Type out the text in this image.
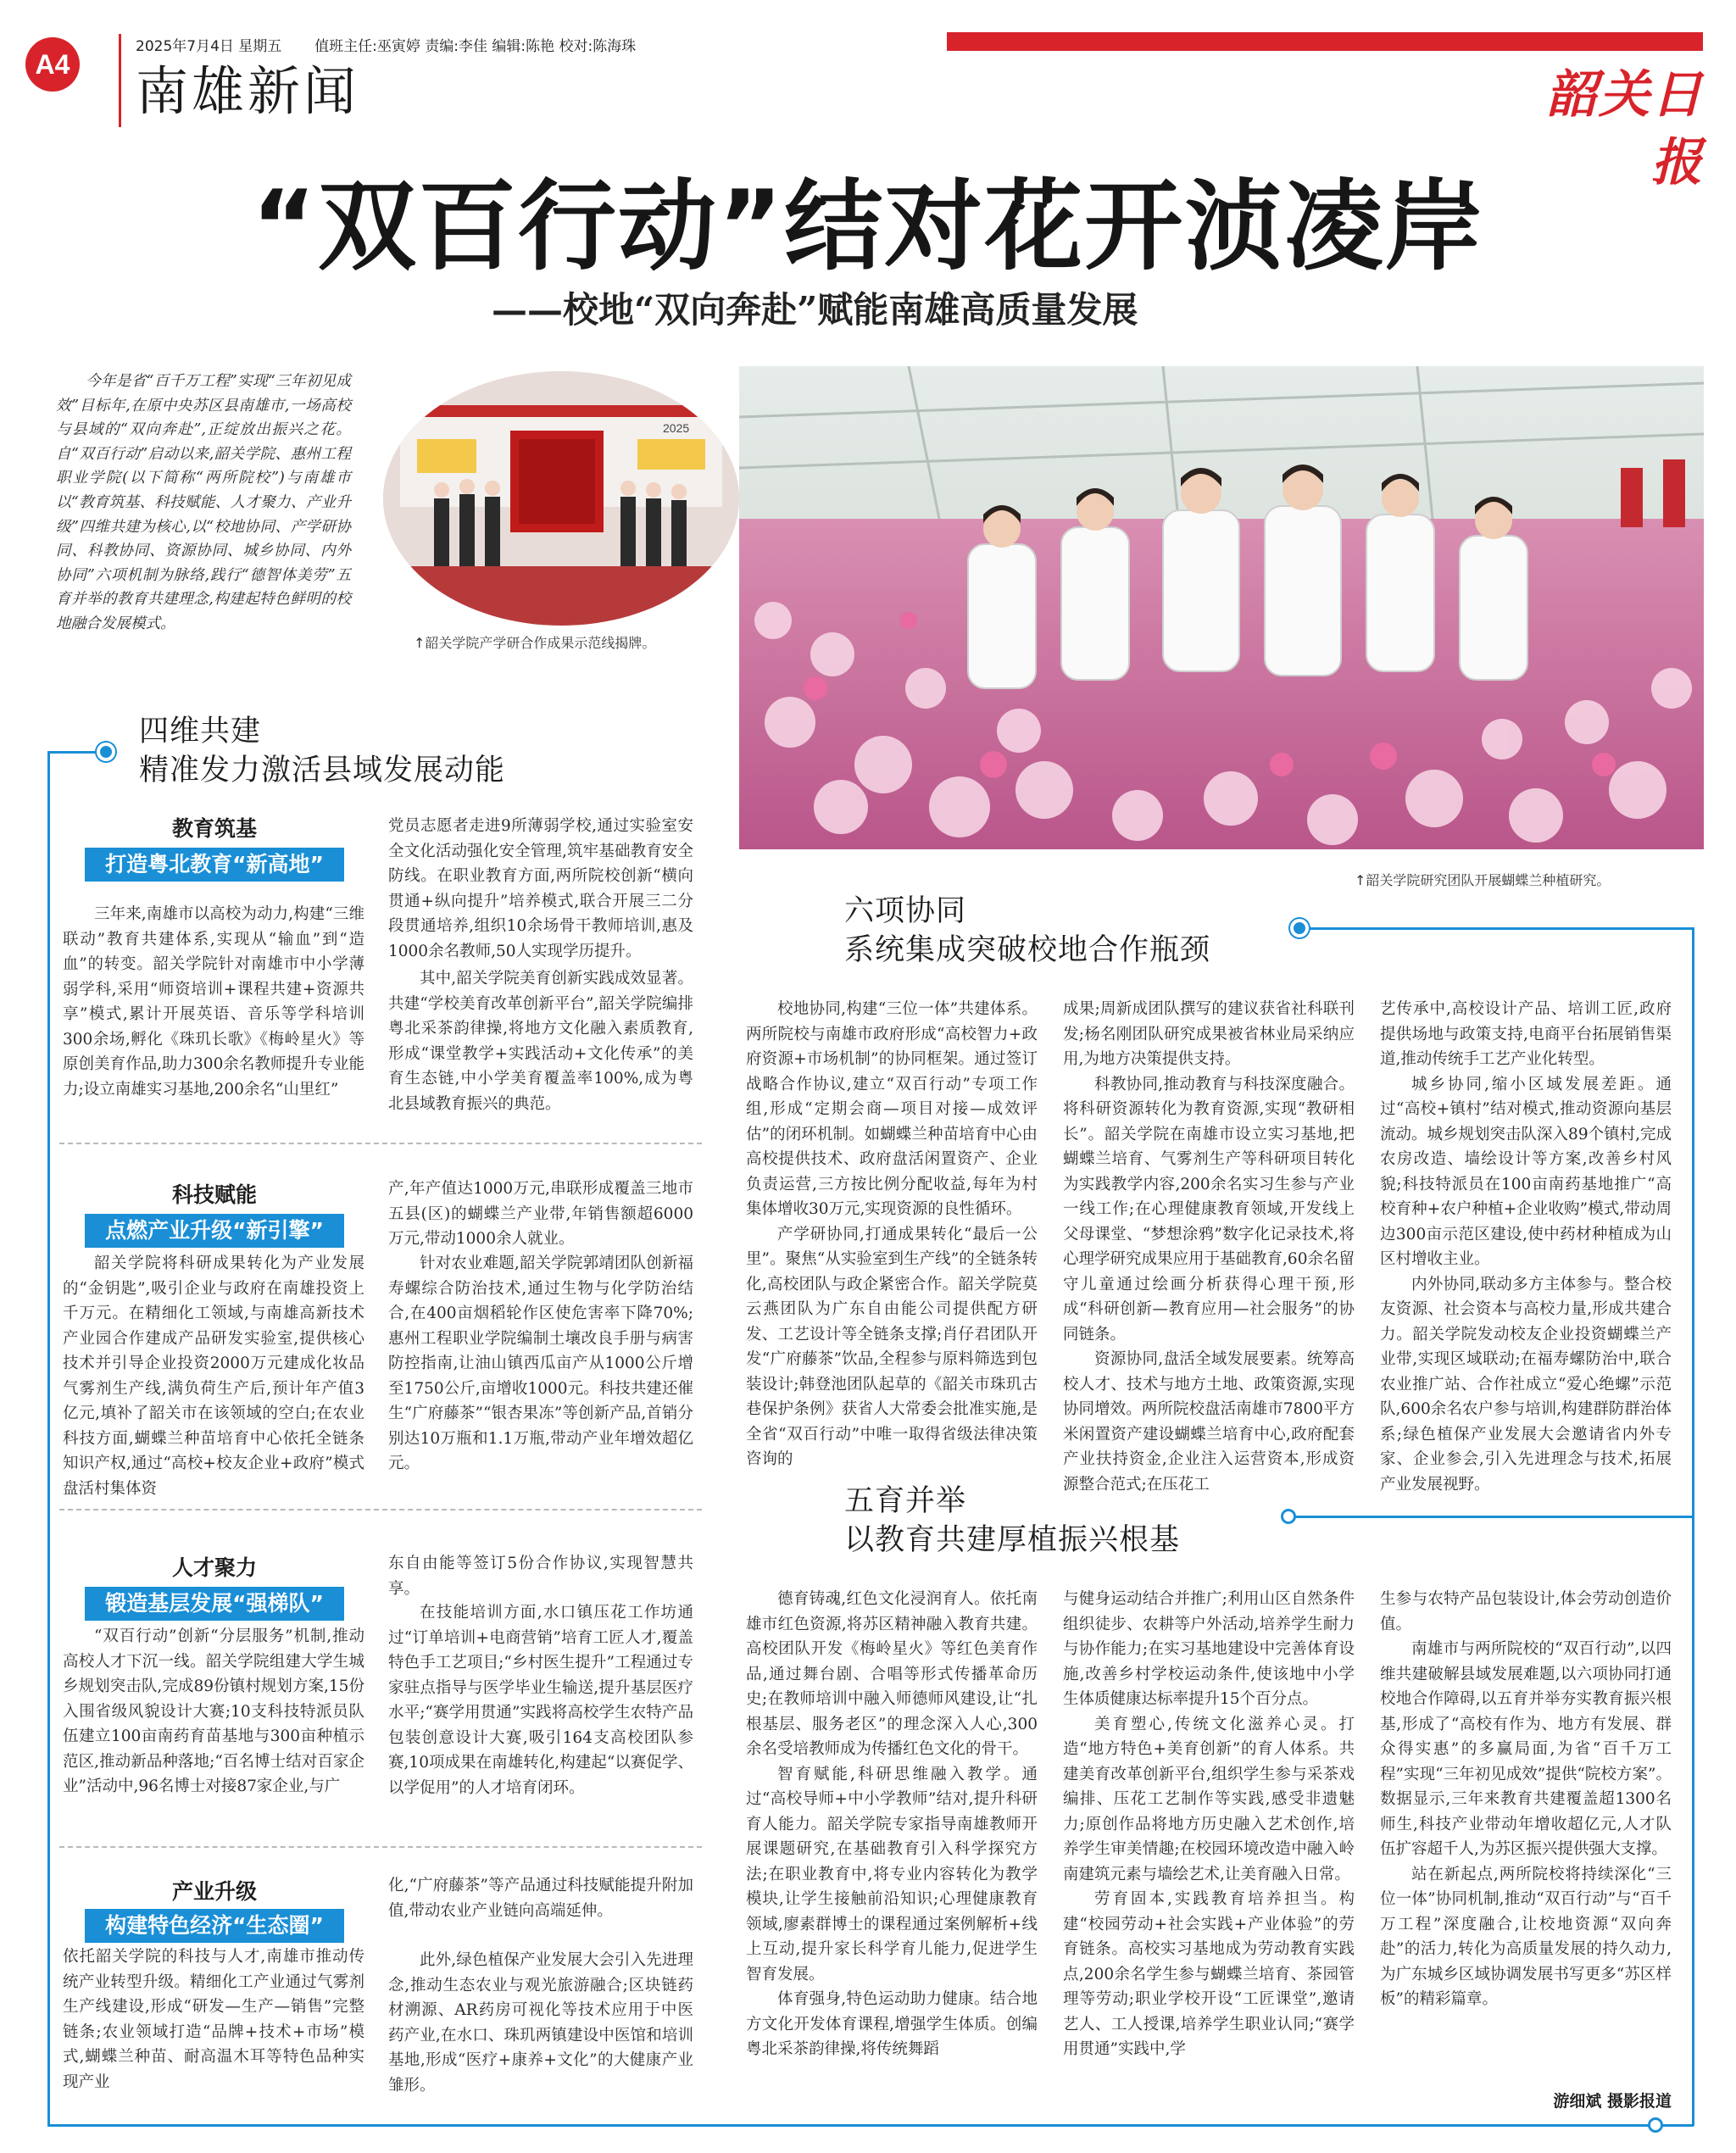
A4
2025年7月4日 星期五 值班主任:巫寅婷 责编:李佳 编辑:陈艳 校对:陈海珠
南雄新闻	韶关日报
“双百行动”结对花开浈凌岸
——校地“双向奔赴”赋能南雄高质量发展
今年是省“百千万工程”实现“三年初见成效”目标年,在原中央苏区县南雄市,一场高校与县域的“双向奔赴”,正绽放出振兴之花。自“双百行动”启动以来,韶关学院、惠州工程职业学院(以下简称“两所院校”)与南雄市以“教育筑基、科技赋能、人才聚力、产业升级”四维共建为核心,以“校地协同、产学研协同、科教协同、资源协同、城乡协同、内外协同”六项机制为脉络,践行“德智体美劳”五育并举的教育共建理念,构建起特色鲜明的校地融合发展模式。
2025
↑韶关学院产学研合作成果示范线揭牌。
↑韶关学院研究团队开展蝴蝶兰种植研究。
四维共建
精准发力激活县域发展动能
教育筑基
打造粤北教育“新高地”
三年来,南雄市以高校为动力,构建“三维联动”教育共建体系,实现从“输血”到“造血”的转变。韶关学院针对南雄市中小学薄弱学科,采用“师资培训+课程共建+资源共享”模式,累计开展英语、音乐等学科培训300余场,孵化《珠玑长歌》《梅岭星火》等原创美育作品,助力300余名教师提升专业能力;设立南雄实习基地,200余名“山里红”
党员志愿者走进9所薄弱学校,通过实验室安全文化活动强化安全管理,筑牢基础教育安全防线。在职业教育方面,两所院校创新“横向贯通+纵向提升”培养模式,联合开展三二分段贯通培养,组织10余场骨干教师培训,惠及1000余名教师,50人实现学历提升。
其中,韶关学院美育创新实践成效显著。共建“学校美育改革创新平台”,韶关学院编排粤北采茶韵律操,将地方文化融入素质教育,形成“课堂教学+实践活动+文化传承”的美育生态链,中小学美育覆盖率100%,成为粤北县域教育振兴的典范。
科技赋能
点燃产业升级“新引擎”
韶关学院将科研成果转化为产业发展的“金钥匙”,吸引企业与政府在南雄投资上千万元。在精细化工领域,与南雄高新技术产业园合作建成产品研发实验室,提供核心技术并引导企业投资2000万元建成化妆品气雾剂生产线,满负荷生产后,预计年产值3亿元,填补了韶关市在该领域的空白;在农业科技方面,蝴蝶兰种苗培育中心依托全链条知识产权,通过“高校+校友企业+政府”模式盘活村集体资
产,年产值达1000万元,串联形成覆盖三地市五县(区)的蝴蝶兰产业带,年销售额超6000万元,带动1000余人就业。
针对农业难题,韶关学院郭靖团队创新福寿螺综合防治技术,通过生物与化学防治结合,在400亩烟稻轮作区使危害率下降70%;惠州工程职业学院编制土壤改良手册与病害防控指南,让油山镇西瓜亩产从1000公斤增至1750公斤,亩增收1000元。科技共建还催生“广府藤茶”“银杏果冻”等创新产品,首销分别达10万瓶和1.1万瓶,带动产业年增效超亿元。
人才聚力
锻造基层发展“强梯队”
“双百行动”创新“分层服务”机制,推动高校人才下沉一线。韶关学院组建大学生城乡规划突击队,完成89份镇村规划方案,15份入围省级风貌设计大赛;10支科技特派员队伍建立100亩南药育苗基地与300亩种植示范区,推动新品种落地;“百名博士结对百家企业”活动中,96名博士对接87家企业,与广
东自由能等签订5份合作协议,实现智慧共享。
在技能培训方面,水口镇压花工作坊通过“订单培训+电商营销”培育工匠人才,覆盖特色手工艺项目;“乡村医生提升”工程通过专家驻点指导与医学毕业生输送,提升基层医疗水平;“赛学用贯通”实践将高校学生农特产品包装创意设计大赛,吸引164支高校团队参赛,10项成果在南雄转化,构建起“以赛促学、以学促用”的人才培育闭环。
产业升级
构建特色经济“生态圈”
依托韶关学院的科技与人才,南雄市推动传统产业转型升级。精细化工产业通过气雾剂生产线建设,形成“研发—生产—销售”完整链条;农业领域打造“品牌+技术+市场”模式,蝴蝶兰种苗、耐高温木耳等特色品种实现产业
化,“广府藤茶”等产品通过科技赋能提升附加值,带动农业产业链向高端延伸。
此外,绿色植保产业发展大会引入先进理念,推动生态农业与观光旅游融合;区块链药材溯源、AR药房可视化等技术应用于中医药产业,在水口、珠玑两镇建设中医馆和培训基地,形成“医疗+康养+文化”的大健康产业雏形。
六项协同
系统集成突破校地合作瓶颈

校地协同,构建“三位一体”共建体系。两所院校与南雄市政府形成“高校智力+政府资源+市场机制”的协同框架。通过签订战略合作协议,建立“双百行动”专项工作组,形成“定期会商—项目对接—成效评估”的闭环机制。如蝴蝶兰种苗培育中心由高校提供技术、政府盘活闲置资产、企业负责运营,三方按比例分配收益,每年为村集体增收30万元,实现资源的良性循环。

产学研协同,打通成果转化“最后一公里”。聚焦“从实验室到生产线”的全链条转化,高校团队与政企紧密合作。韶关学院莫云燕团队为广东自由能公司提供配方研发、工艺设计等全链条支撑;肖仔君团队开发“广府藤茶”饮品,全程参与原料筛选到包装设计;韩登池团队起草的《韶关市珠玑古巷保护条例》获省人大常委会批准实施,是全省“双百行动”中唯一取得省级法律决策咨询的

成果;周新成团队撰写的建议获省社科联刊发;杨名刚团队研究成果被省林业局采纳应用,为地方决策提供支持。

科教协同,推动教育与科技深度融合。将科研资源转化为教育资源,实现“教研相长”。韶关学院在南雄市设立实习基地,把蝴蝶兰培育、气雾剂生产等科研项目转化为实践教学内容,200余名实习生参与产业一线工作;在心理健康教育领域,开发线上父母课堂、“梦想涂鸦”数字化记录技术,将心理学研究成果应用于基础教育,60余名留守儿童通过绘画分析获得心理干预,形成“科研创新—教育应用—社会服务”的协同链条。

资源协同,盘活全域发展要素。统筹高校人才、技术与地方土地、政策资源,实现协同增效。两所院校盘活南雄市7800平方米闲置资产建设蝴蝶兰培育中心,政府配套产业扶持资金,企业注入运营资本,形成资源整合范式;在压花工

艺传承中,高校设计产品、培训工匠,政府提供场地与政策支持,电商平台拓展销售渠道,推动传统手工艺产业化转型。

城乡协同,缩小区域发展差距。通过“高校+镇村”结对模式,推动资源向基层流动。城乡规划突击队深入89个镇村,完成农房改造、墙绘设计等方案,改善乡村风貌;科技特派员在100亩南药基地推广“高校育种+农户种植+企业收购”模式,带动周边300亩示范区建设,使中药材种植成为山区村增收主业。

内外协同,联动多方主体参与。整合校友资源、社会资本与高校力量,形成共建合力。韶关学院发动校友企业投资蝴蝶兰产业带,实现区域联动;在福寿螺防治中,联合农业推广站、合作社成立“爱心绝螺”示范队,600余名农户参与培训,构建群防群治体系;绿色植保产业发展大会邀请省内外专家、企业参会,引入先进理念与技术,拓展产业发展视野。

五育并举
以教育共建厚植振兴根基

德育铸魂,红色文化浸润育人。依托南雄市红色资源,将苏区精神融入教育共建。高校团队开发《梅岭星火》等红色美育作品,通过舞台剧、合唱等形式传播革命历史;在教师培训中融入师德师风建设,让“扎根基层、服务老区”的理念深入人心,300余名受培教师成为传播红色文化的骨干。

智育赋能,科研思维融入教学。通过“高校导师+中小学教师”结对,提升科研育人能力。韶关学院专家指导南雄教师开展课题研究,在基础教育引入科学探究方法;在职业教育中,将专业内容转化为教学模块,让学生接触前沿知识;心理健康教育领域,廖素群博士的课程通过案例解析+线上互动,提升家长科学育儿能力,促进学生智育发展。

体育强身,特色运动助力健康。结合地方文化开发体育课程,增强学生体质。创编粤北采茶韵律操,将传统舞蹈

与健身运动结合并推广;利用山区自然条件组织徒步、农耕等户外活动,培养学生耐力与协作能力;在实习基地建设中完善体育设施,改善乡村学校运动条件,使该地中小学生体质健康达标率提升15个百分点。

美育塑心,传统文化滋养心灵。打造“地方特色+美育创新”的育人体系。共建美育改革创新平台,组织学生参与采茶戏编排、压花工艺制作等实践,感受非遗魅力;原创作品将地方历史融入艺术创作,培养学生审美情趣;在校园环境改造中融入岭南建筑元素与墙绘艺术,让美育融入日常。

劳育固本,实践教育培养担当。构建“校园劳动+社会实践+产业体验”的劳育链条。高校实习基地成为劳动教育实践点,200余名学生参与蝴蝶兰培育、茶园管理等劳动;职业学校开设“工匠课堂”,邀请艺人、工人授课,培养学生职业认同;“赛学用贯通”实践中,学

生参与农特产品包装设计,体会劳动创造价值。

南雄市与两所院校的“双百行动”,以四维共建破解县域发展难题,以六项协同打通校地合作障碍,以五育并举夯实教育振兴根基,形成了“高校有作为、地方有发展、群众得实惠”的多赢局面,为省“百千万工程”实现“三年初见成效”提供“院校方案”。数据显示,三年来教育共建覆盖超1300名师生,科技产业带动年增收超亿元,人才队伍扩容超千人,为苏区振兴提供强大支撑。

站在新起点,两所院校将持续深化“三位一体”协同机制,推动“双百行动”与“百千万工程”深度融合,让校地资源“双向奔赴”的活力,转化为高质量发展的持久动力,为广东城乡区域协调发展书写更多“苏区样板”的精彩篇章。

游细斌 摄影报道
